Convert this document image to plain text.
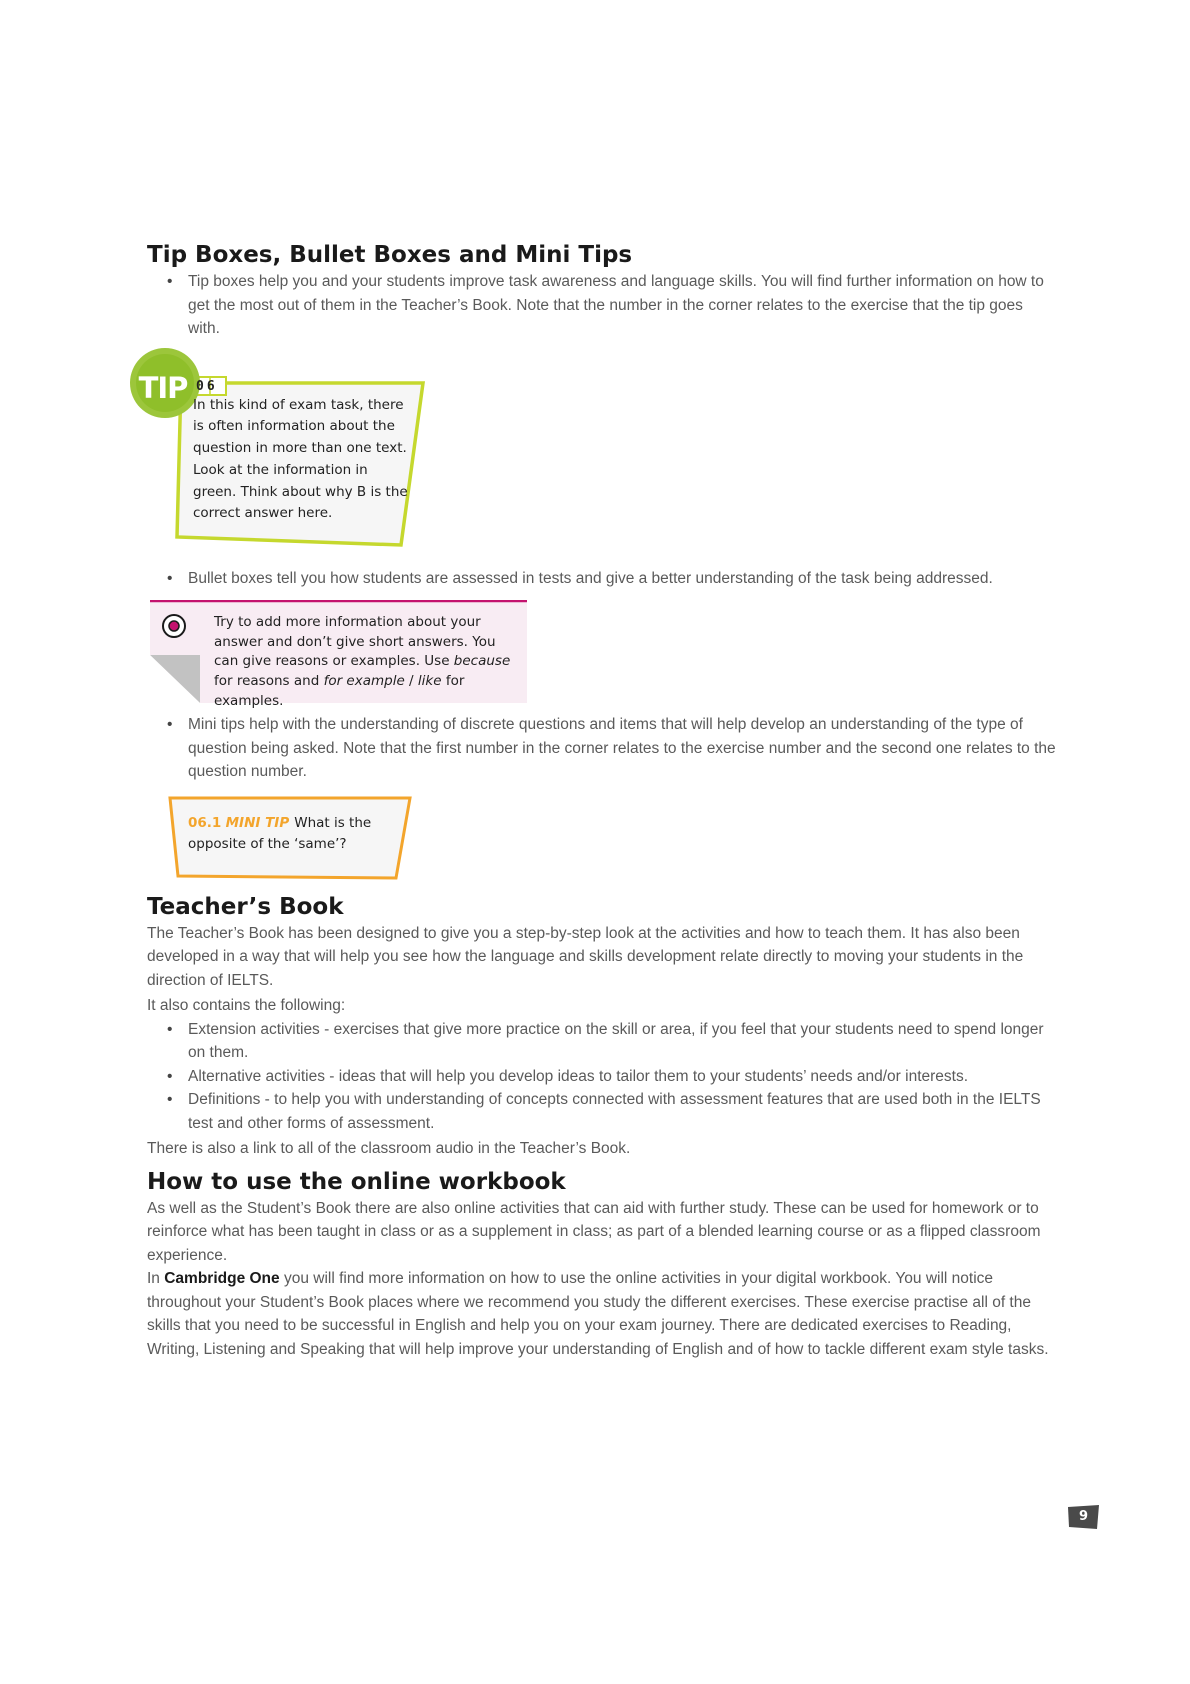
Tip Boxes, Bullet Boxes and Mini Tips
• Tip boxes help you and your students improve task awareness and language skills. You will find further information on how to get the most out of them in the Teacher’s Book. Note that the number in the corner relates to the exercise that the tip goes with.
TIP 06
In this kind of exam task, there is often information about the question in more than one text. Look at the information in green. Think about why B is the correct answer here.
• Bullet boxes tell you how students are assessed in tests and give a better understanding of the task being addressed.
Try to add more information about your answer and don’t give short answers. You can give reasons or examples. Use because for reasons and for example / like for examples.
• Mini tips help with the understanding of discrete questions and items that will help develop an understanding of the type of question being asked. Note that the first number in the corner relates to the exercise number and the second one relates to the question number.
06.1 MINI TIP What is the opposite of the ‘same’?
Teacher’s Book

The Teacher’s Book has been designed to give you a step-by-step look at the activities and how to teach them. It has also been developed in a way that will help you see how the language and skills development relate directly to moving your students in the direction of IELTS.

It also contains the following:

• Extension activities - exercises that give more practice on the skill or area, if you feel that your students need to spend longer on them.
• Alternative activities - ideas that will help you develop ideas to tailor them to your students’ needs and/or interests.
• Definitions - to help you with understanding of concepts connected with assessment features that are used both in the IELTS test and other forms of assessment.

There is also a link to all of the classroom audio in the Teacher’s Book.

How to use the online workbook

As well as the Student’s Book there are also online activities that can aid with further study. These can be used for homework or to reinforce what has been taught in class or as a supplement in class; as part of a blended learning course or as a flipped classroom experience.

In Cambridge One you will find more information on how to use the online activities in your digital workbook. You will notice throughout your Student’s Book places where we recommend you study the different exercises. These exercise practise all of the skills that you need to be successful in English and help you on your exam journey. There are dedicated exercises to Reading, Writing, Listening and Speaking that will help improve your understanding of English and of how to tackle different exam style tasks.

9
